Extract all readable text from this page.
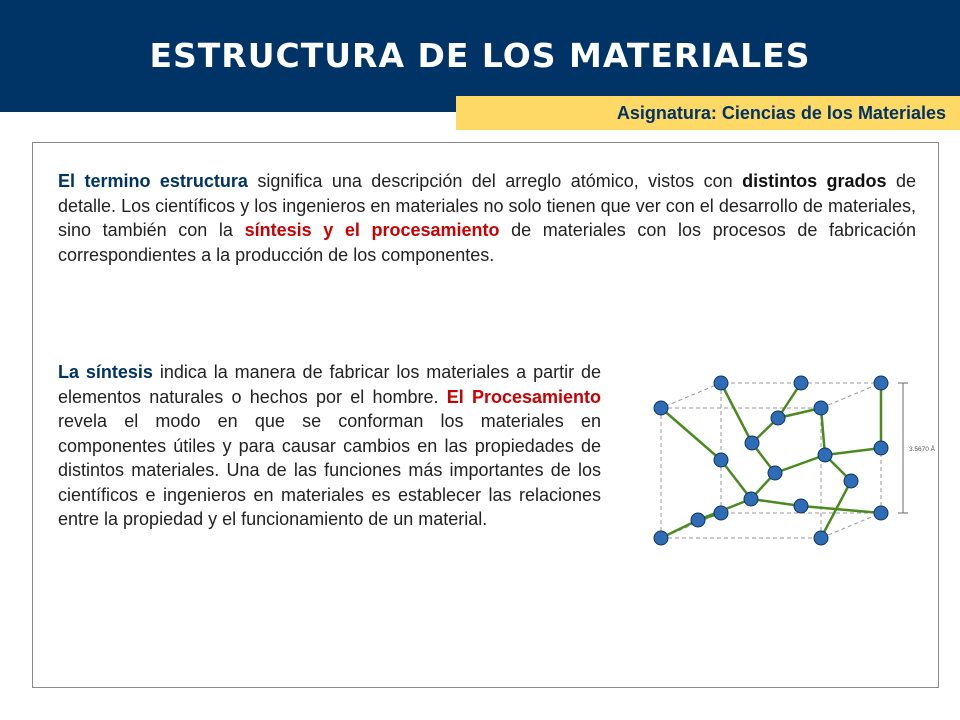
ESTRUCTURA DE LOS MATERIALES
Asignatura: Ciencias de los Materiales

El termino estructura significa una descripción del arreglo atómico, vistos con distintos grados de detalle. Los científicos y los ingenieros en materiales no solo tienen que ver con el desarrollo de materiales, sino también con la síntesis y el procesamiento de materiales con los procesos de fabricación correspondientes a la producción de los componentes.

La síntesis indica la manera de fabricar los materiales a partir de elementos naturales o hechos por el hombre. El Procesamiento revela el modo en que se conforman los materiales en componentes útiles y para causar cambios en las propiedades de distintos materiales. Una de las funciones más importantes de los científicos e ingenieros en materiales es establecer las relaciones entre la propiedad y el funcionamiento de un material.

3.5670 Å
